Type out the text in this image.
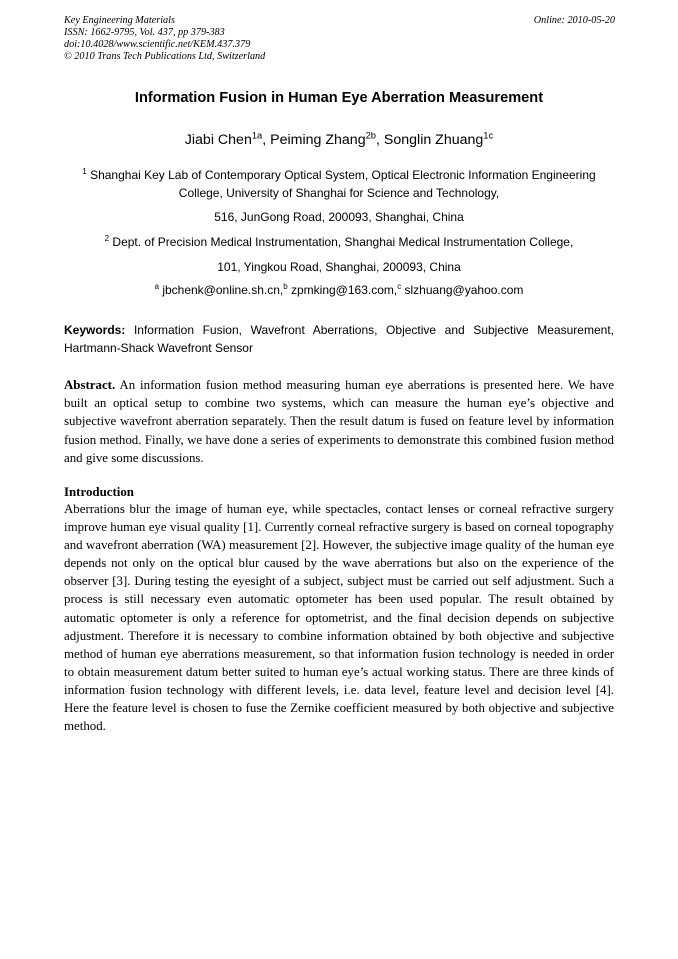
Key Engineering Materials
ISSN: 1662-9795, Vol. 437, pp 379-383
doi:10.4028/www.scientific.net/KEM.437.379
© 2010 Trans Tech Publications Ltd, Switzerland
Online: 2010-05-20
Information Fusion in Human Eye Aberration Measurement
Jiabi Chen$^{1a}$, Peiming Zhang$^{2b}$, Songlin Zhuang$^{1c}$
$^1$ Shanghai Key Lab of Contemporary Optical System, Optical Electronic Information Engineering
College, University of Shanghai for Science and Technology,
516, JunGong Road, 200093, Shanghai, China
$^2$ Dept. of Precision Medical Instrumentation, Shanghai Medical Instrumentation College,
101, Yingkou Road, Shanghai, 200093, China
$^a$ jbchenk@online.sh.cn,$^b$ zpmking@163.com,$^c$ slzhuang@yahoo.com
Keywords: Information Fusion, Wavefront Aberrations, Objective and Subjective Measurement, Hartmann-Shack Wavefront Sensor
Abstract. An information fusion method measuring human eye aberrations is presented here. We have built an optical setup to combine two systems, which can measure the human eye’s objective and subjective wavefront aberration separately. Then the result datum is fused on feature level by information fusion method. Finally, we have done a series of experiments to demonstrate this combined fusion method and give some discussions.
Introduction
Aberrations blur the image of human eye, while spectacles, contact lenses or corneal refractive surgery improve human eye visual quality [1]. Currently corneal refractive surgery is based on corneal topography and wavefront aberration (WA) measurement [2]. However, the subjective image quality of the human eye depends not only on the optical blur caused by the wave aberrations but also on the experience of the observer [3]. During testing the eyesight of a subject, subject must be carried out self adjustment. Such a process is still necessary even automatic optometer has been used popular. The result obtained by automatic optometer is only a reference for optometrist, and the final decision depends on subjective adjustment. Therefore it is necessary to combine information obtained by both objective and subjective method of human eye aberrations measurement, so that information fusion technology is needed in order to obtain measurement datum better suited to human eye’s actual working status. There are three kinds of information fusion technology with different levels, i.e. data level, feature level and decision level [4]. Here the feature level is chosen to fuse the Zernike coefficient measured by both objective and subjective method.
